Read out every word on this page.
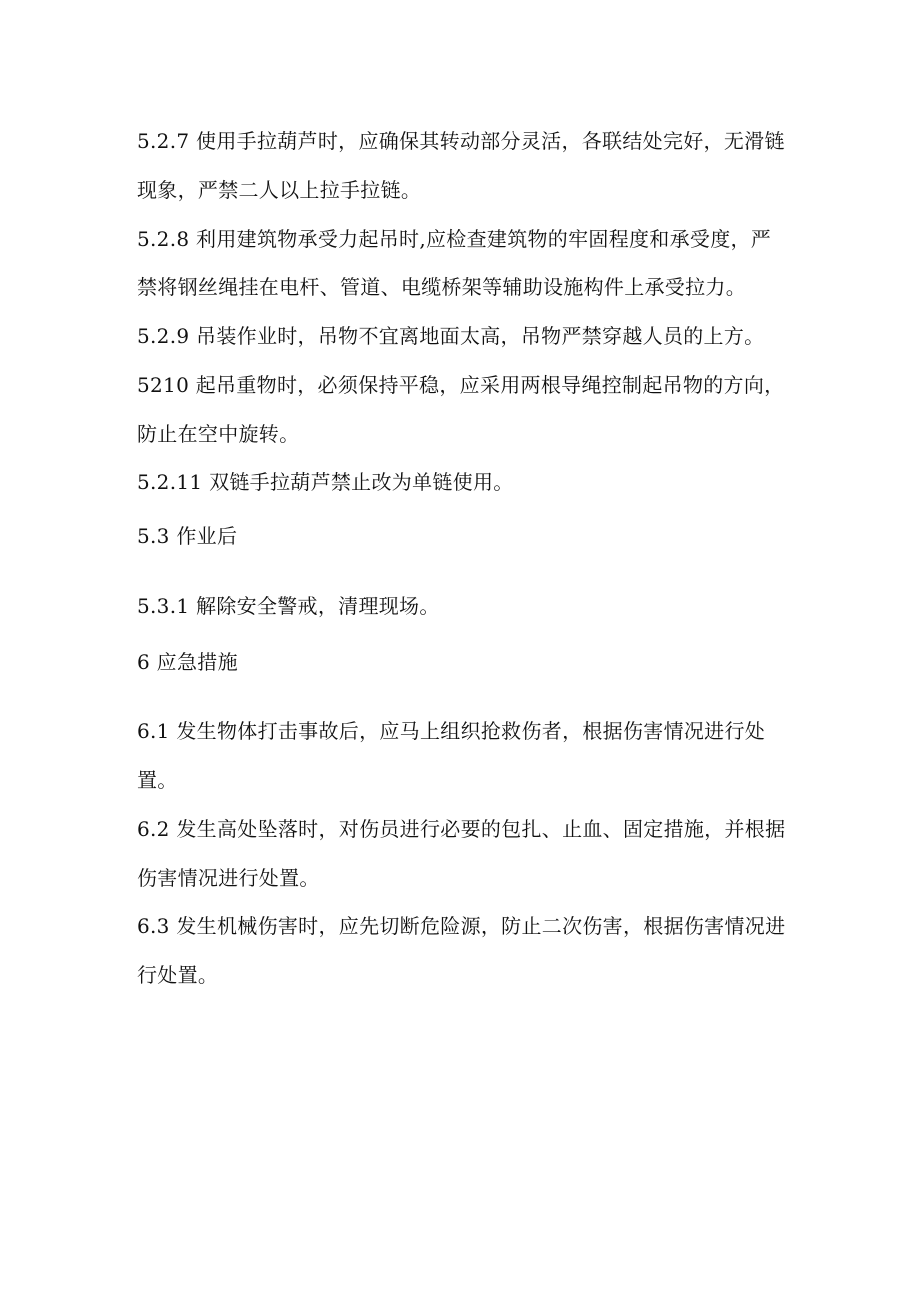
5.2.7 使用手拉葫芦时，应确保其转动部分灵活，各联结处完好，无滑链
现象，严禁二人以上拉手拉链。
5.2.8 利用建筑物承受力起吊时,应检查建筑物的牢固程度和承受度，严
禁将钢丝绳挂在电杆、管道、电缆桥架等辅助设施构件上承受拉力。
5.2.9 吊装作业时，吊物不宜离地面太高，吊物严禁穿越人员的上方。
5210 起吊重物时，必须保持平稳，应采用两根导绳控制起吊物的方向，
防止在空中旋转。
5.2.11 双链手拉葫芦禁止改为单链使用。
5.3 作业后
5.3.1 解除安全警戒，清理现场。
6 应急措施
6.1 发生物体打击事故后，应马上组织抢救伤者，根据伤害情况进行处
置。
6.2 发生高处坠落时，对伤员进行必要的包扎、止血、固定措施，并根据
伤害情况进行处置。
6.3 发生机械伤害时，应先切断危险源，防止二次伤害，根据伤害情况进
行处置。
